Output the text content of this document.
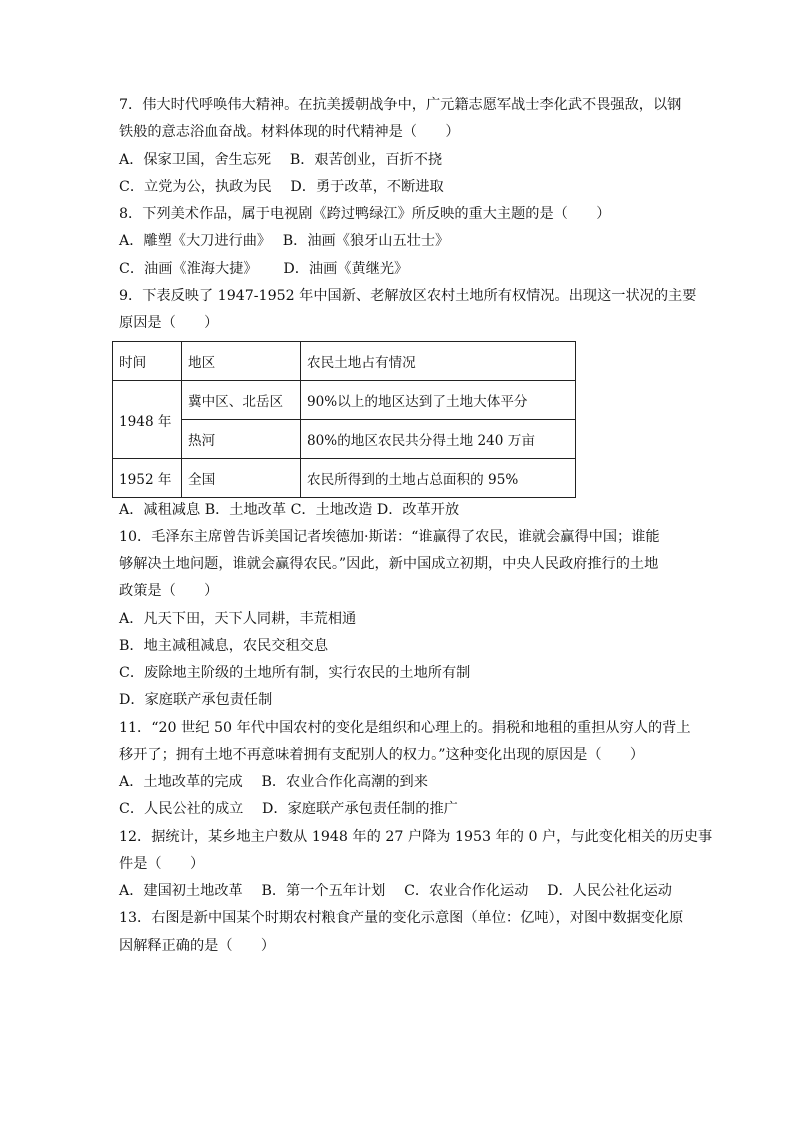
7．伟大时代呼唤伟大精神。在抗美援朝战争中，广元籍志愿军战士李化武不畏强敌，以钢
铁般的意志浴血奋战。材料体现的时代精神是（　　）
A．保家卫国，舍生忘死　 B．艰苦创业，百折不挠
C．立党为公，执政为民　 D．勇于改革，不断进取
8．下列美术作品，属于电视剧《跨过鸭绿江》所反映的重大主题的是（　　）
A．雕塑《大刀进行曲》　 B．油画《狼牙山五壮士》
C．油画《淮海大捷》　　 D．油画《黄继光》
9．下表反映了 1947-1952 年中国新、老解放区农村土地所有权情况。出现这一状况的主要
原因是（　　）
时间	地区	农民土地占有情况
1948 年	冀中区、北岳区	90%以上的地区达到了土地大体平分
	热河	80%的地区农民共分得土地 240 万亩
1952 年	全国	农民所得到的土地占总面积的 95%
A．减租减息 B．土地改革 C．土地改造 D．改革开放
10．毛泽东主席曾告诉美国记者埃德加·斯诺：“谁赢得了农民，谁就会赢得中国；谁能
够解决土地问题，谁就会赢得农民。”因此，新中国成立初期，中央人民政府推行的土地
政策是（　　）
A．凡天下田，天下人同耕，丰荒相通
B．地主减租减息，农民交租交息
C．废除地主阶级的土地所有制，实行农民的土地所有制
D．家庭联产承包责任制
11．“20 世纪 50 年代中国农村的变化是组织和心理上的。捐税和地租的重担从穷人的背上
移开了；拥有土地不再意味着拥有支配别人的权力。”这种变化出现的原因是（　　）
A．土地改革的完成　 B．农业合作化高潮的到来
C．人民公社的成立　 D．家庭联产承包责任制的推广
12．据统计，某乡地主户数从 1948 年的 27 户降为 1953 年的 0 户，与此变化相关的历史事
件是（　　）
A．建国初土地改革　 B．第一个五年计划　 C．农业合作化运动　 D．人民公社化运动
13．右图是新中国某个时期农村粮食产量的变化示意图（单位：亿吨），对图中数据变化原
因解释正确的是（　　）
